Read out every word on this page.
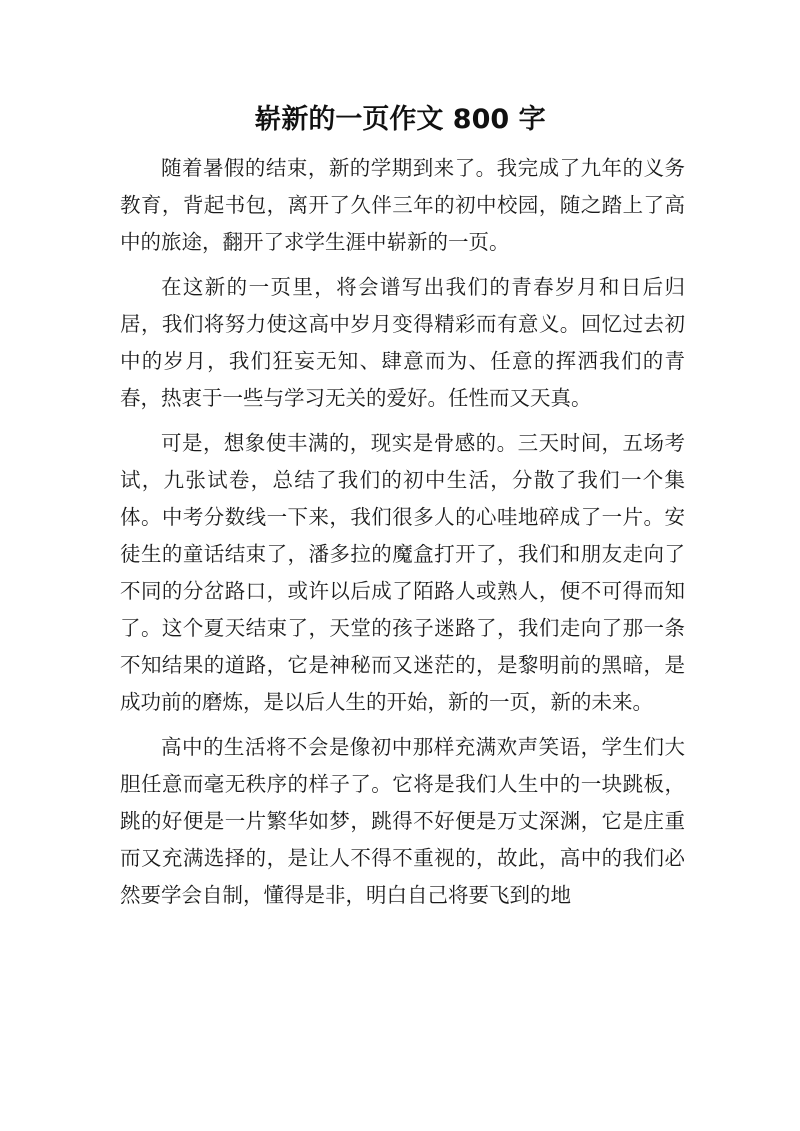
崭新的一页作文 800 字

随着暑假的结束，新的学期到来了。我完成了九年的义务教育，背起书包，离开了久伴三年的初中校园，随之踏上了高中的旅途，翻开了求学生涯中崭新的一页。

在这新的一页里，将会谱写出我们的青春岁月和日后归居，我们将努力使这高中岁月变得精彩而有意义。回忆过去初中的岁月，我们狂妄无知、肆意而为、任意的挥洒我们的青春，热衷于一些与学习无关的爱好。任性而又天真。

可是，想象使丰满的，现实是骨感的。三天时间，五场考试，九张试卷，总结了我们的初中生活，分散了我们一个集体。中考分数线一下来，我们很多人的心哇地碎成了一片。安徒生的童话结束了，潘多拉的魔盒打开了，我们和朋友走向了不同的分岔路口，或许以后成了陌路人或熟人，便不可得而知了。这个夏天结束了，天堂的孩子迷路了，我们走向了那一条不知结果的道路，它是神秘而又迷茫的，是黎明前的黑暗，是成功前的磨炼，是以后人生的开始，新的一页，新的未来。

高中的生活将不会是像初中那样充满欢声笑语，学生们大胆任意而毫无秩序的样子了。它将是我们人生中的一块跳板，跳的好便是一片繁华如梦，跳得不好便是万丈深渊，它是庄重而又充满选择的，是让人不得不重视的，故此，高中的我们必然要学会自制，懂得是非，明白自己将要飞到的地
